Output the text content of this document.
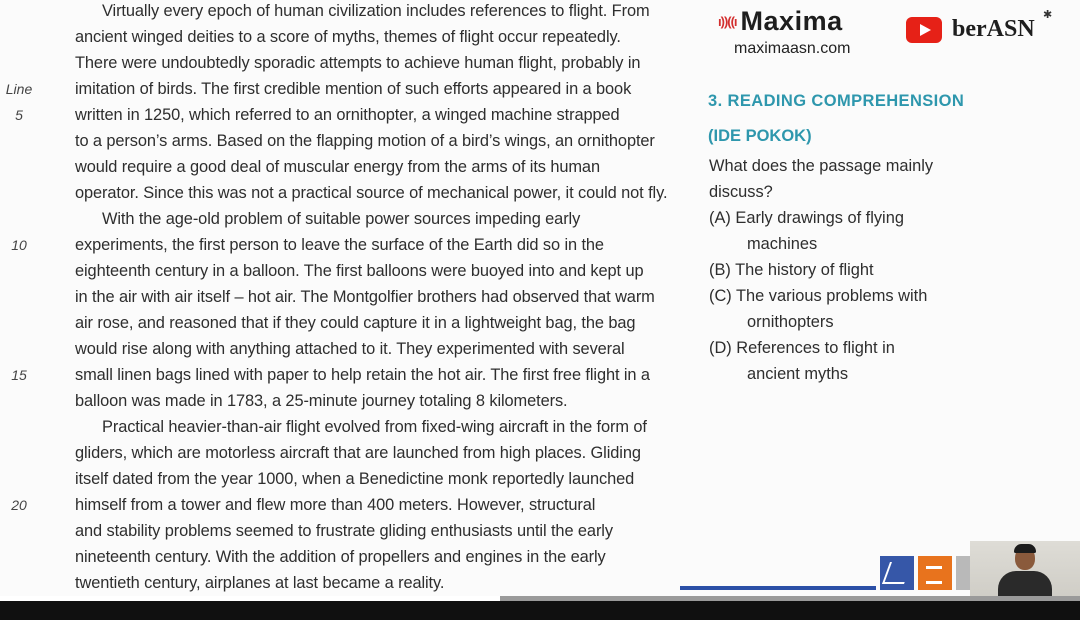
Virtually every epoch of human civilization includes references to flight. From
ancient winged deities to a score of myths, themes of flight occur repeatedly.
There were undoubtedly sporadic attempts to achieve human flight, probably in
imitation of birds. The first credible mention of such efforts appeared in a book
written in 1250, which referred to an ornithopter, a winged machine strapped
to a person’s arms. Based on the flapping motion of a bird’s wings, an ornithopter
would require a good deal of muscular energy from the arms of its human
operator. Since this was not a practical source of mechanical power, it could not fly.
With the age-old problem of suitable power sources impeding early
experiments, the first person to leave the surface of the Earth did so in the
eighteenth century in a balloon. The first balloons were buoyed into and kept up
in the air with air itself – hot air. The Montgolfier brothers had observed that warm
air rose, and reasoned that if they could capture it in a lightweight bag, the bag
would rise along with anything attached to it. They experimented with several
small linen bags lined with paper to help retain the hot air. The first free flight in a
balloon was made in 1783, a 25-minute journey totaling 8 kilometers.
Practical heavier-than-air flight evolved from fixed-wing aircraft in the form of
gliders, which are motorless aircraft that are launched from high places. Gliding
itself dated from the year 1000, when a Benedictine monk reportedly launched
himself from a tower and flew more than 400 meters. However, structural
and stability problems seemed to frustrate gliding enthusiasts until the early
nineteenth century. With the addition of propellers and engines in the early
twentieth century, airplanes at last became a reality.
Line
5
10
15
20
ı))((ı Maxima
maximaasn.com
berASN
✱
3. READING COMPREHENSION
(IDE POKOK)
What does the passage mainly
discuss?
(A) Early drawings of flying
machines
(B) The history of flight
(C) The various problems with
ornithopters
(D) References to flight in
ancient myths
